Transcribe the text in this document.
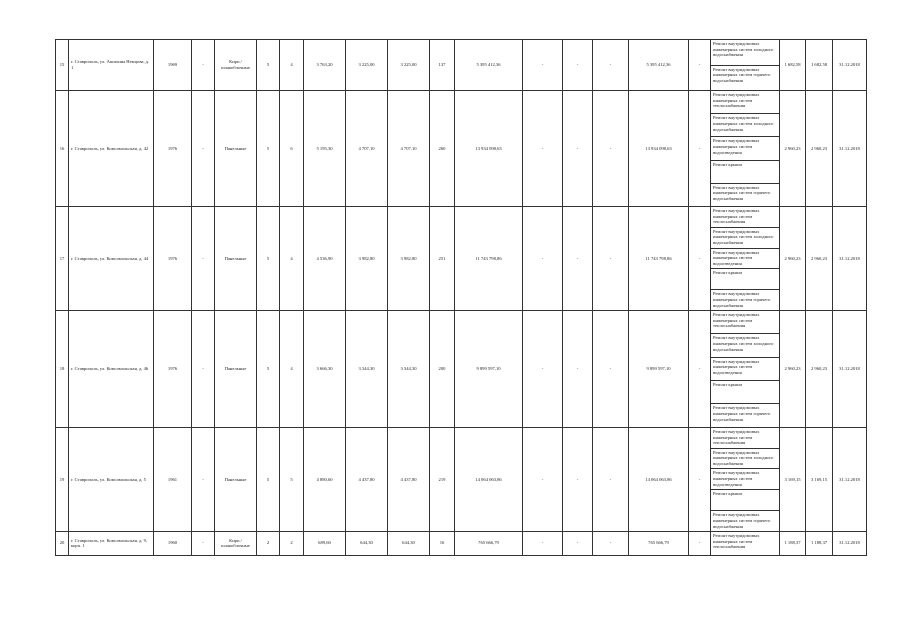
15	г. Ставрополь, ул. Ашихина Немцова, д. 1	1969	-	Кирп./ шлакоблочные	5	4	3 763,20	3 225,00	3 225,00	137	5 395 412,36	-	-	-	5 395 412,36	-	Ремонт внутридомовых инженерных систем холодного водоснабжения	1 682,58	1 682,58	31.12.2018
																	Ремонт внутридомовых инженерных систем горячего водоснабжения			
16	г. Ставрополь, ул. Комсомольская, д. 42	1976	-	Панельные	5	6	5 195,30	4 707,10	4 707,10	260	13 934 098,63	-	-	-	13 934 098,63	-	Ремонт внутридомовых инженерных систем теплоснабжения	2 960,23	2 960,23	31.12.2018
																	Ремонт внутридомовых инженерных систем холодного водоснабжения			
																	Ремонт внутридомовых инженерных систем водоотведения			
																	Ремонт крыши			
																	Ремонт внутридомовых инженерных систем горячего водоснабжения			
17	г. Ставрополь, ул. Комсомольская, д. 44	1976	-	Панельные	5	4	4 536,90	3 982,80	3 982,80	251	11 743 798,86	-	-	-	11 743 798,86	-	Ремонт внутридомовых инженерных систем теплоснабжения	2 960,23	2 960,23	31.12.2018
																	Ремонт внутридомовых инженерных систем холодного водоснабжения			
																	Ремонт внутридомовых инженерных систем водоотведения			
																	Ремонт крыши			
																	Ремонт внутридомовых инженерных систем горячего водоснабжения			
18	г. Ставрополь, ул. Комсомольская, д. 46	1976	-	Панельные	5	4	3 666,30	3 344,30	3 344,30	200	9 899 597,10	-	-	-	9 899 597,10	-	Ремонт внутридомовых инженерных систем теплоснабжения	2 960,23	2 960,23	31.12.2018
																	Ремонт внутридомовых инженерных систем холодного водоснабжения			
																	Ремонт внутридомовых инженерных систем водоотведения			
																	Ремонт крыши			
																	Ремонт внутридомовых инженерных систем горячего водоснабжения			
19	г. Ставрополь, ул. Комсомольская, д. 5	1961	-	Панельные	5	5	4 880,60	4 437,80	4 437,80	219	14 064 063,86	-	-	-	14 064 063,86	-	Ремонт внутридомовых инженерных систем теплоснабжения	3 169,15	3 169,15	31.12.2018
																	Ремонт внутридомовых инженерных систем холодного водоснабжения			
																	Ремонт внутридомовых инженерных систем водоотведения			
																	Ремонт крыши			
																	Ремонт внутридомовых инженерных систем горячего водоснабжения			
20	г. Ставрополь, ул. Комсомольская, д. 9, корп. 1	1960	-	Кирп./ шлакоблочные	2	2	689,60	644,30	644,30	16	765 666,79	-	-	-	765 666,79	-	Ремонт внутридомовых инженерных систем теплоснабжения	1 188,37	1 188,37	31.12.2018
